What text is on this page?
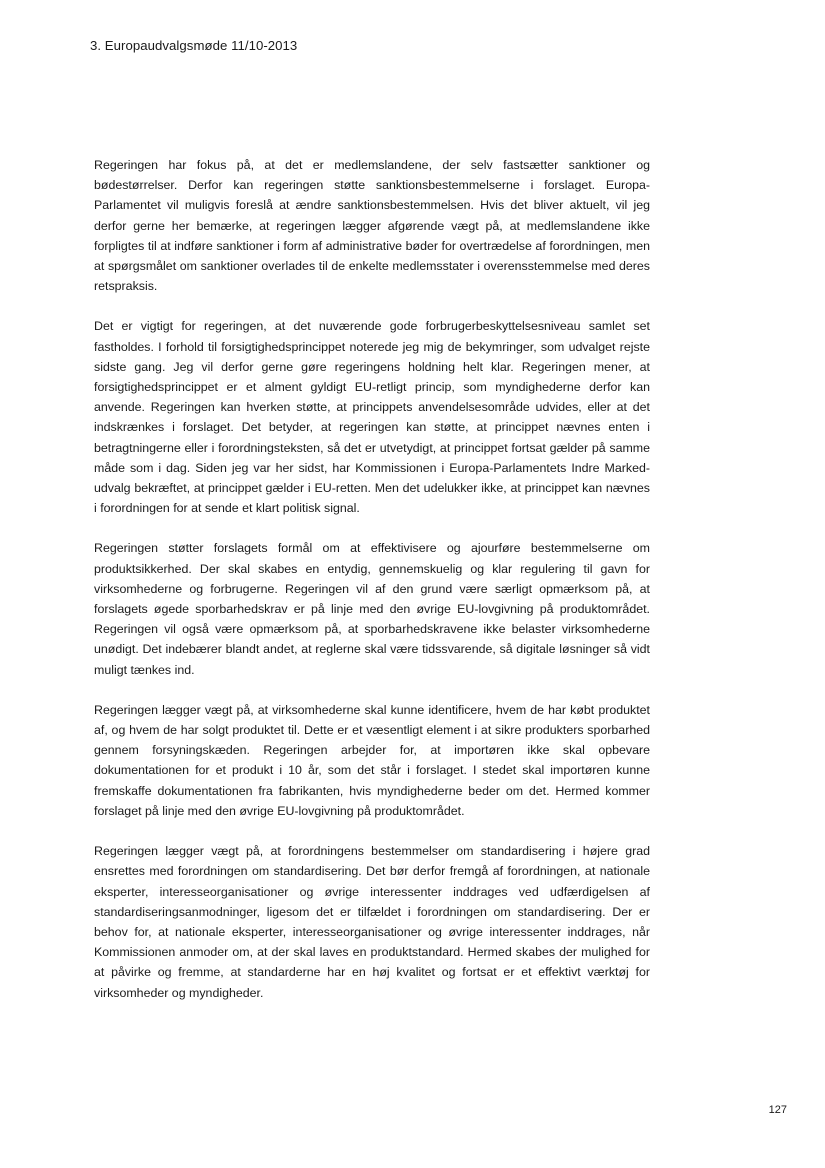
3. Europaudvalgsmøde 11/10-2013

Regeringen har fokus på, at det er medlemslandene, der selv fastsætter sanktioner og bødestørrelser. Derfor kan regeringen støtte sanktionsbestemmelserne i forslaget. Europa-Parlamentet vil muligvis foreslå at ændre sanktionsbestemmelsen. Hvis det bliver aktuelt, vil jeg derfor gerne her bemærke, at regeringen lægger afgørende vægt på, at medlemslandene ikke forpligtes til at indføre sanktioner i form af administrative bøder for overtrædelse af forordningen, men at spørgsmålet om sanktioner overlades til de enkelte medlemsstater i overensstemmelse med deres retspraksis.

Det er vigtigt for regeringen, at det nuværende gode forbrugerbeskyttelsesniveau samlet set fastholdes. I forhold til forsigtighedsprincippet noterede jeg mig de bekymringer, som udvalget rejste sidste gang. Jeg vil derfor gerne gøre regeringens holdning helt klar. Regeringen mener, at forsigtighedsprincippet er et alment gyldigt EU-retligt princip, som myndighederne derfor kan anvende. Regeringen kan hverken støtte, at princippets anvendelsesområde udvides, eller at det indskrænkes i forslaget. Det betyder, at regeringen kan støtte, at princippet nævnes enten i betragtningerne eller i forordningsteksten, så det er utvetydigt, at princippet fortsat gælder på samme måde som i dag. Siden jeg var her sidst, har Kommissionen i Europa-Parlamentets Indre Marked-udvalg bekræftet, at princippet gælder i EU-retten. Men det udelukker ikke, at princippet kan nævnes i forordningen for at sende et klart politisk signal.

Regeringen støtter forslagets formål om at effektivisere og ajourføre bestemmelserne om produktsikkerhed. Der skal skabes en entydig, gennemskuelig og klar regulering til gavn for virksomhederne og forbrugerne. Regeringen vil af den grund være særligt opmærksom på, at forslagets øgede sporbarhedskrav er på linje med den øvrige EU-lovgivning på produktområdet. Regeringen vil også være opmærksom på, at sporbarhedskravene ikke belaster virksomhederne unødigt. Det indebærer blandt andet, at reglerne skal være tidssvarende, så digitale løsninger så vidt muligt tænkes ind.

Regeringen lægger vægt på, at virksomhederne skal kunne identificere, hvem de har købt produktet af, og hvem de har solgt produktet til. Dette er et væsentligt element i at sikre produkters sporbarhed gennem forsyningskæden. Regeringen arbejder for, at importøren ikke skal opbevare dokumentationen for et produkt i 10 år, som det står i forslaget. I stedet skal importøren kunne fremskaffe dokumentationen fra fabrikanten, hvis myndighederne beder om det. Hermed kommer forslaget på linje med den øvrige EU-lovgivning på produktområdet.

Regeringen lægger vægt på, at forordningens bestemmelser om standardisering i højere grad ensrettes med forordningen om standardisering. Det bør derfor fremgå af forordningen, at nationale eksperter, interesseorganisationer og øvrige interessenter inddrages ved udfærdigelsen af standardiseringsanmodninger, ligesom det er tilfældet i forordningen om standardisering. Der er behov for, at nationale eksperter, interesseorganisationer og øvrige interessenter inddrages, når Kommissionen anmoder om, at der skal laves en produktstandard. Hermed skabes der mulighed for at påvirke og fremme, at standarderne har en høj kvalitet og fortsat er et effektivt værktøj for virksomheder og myndigheder.

127
